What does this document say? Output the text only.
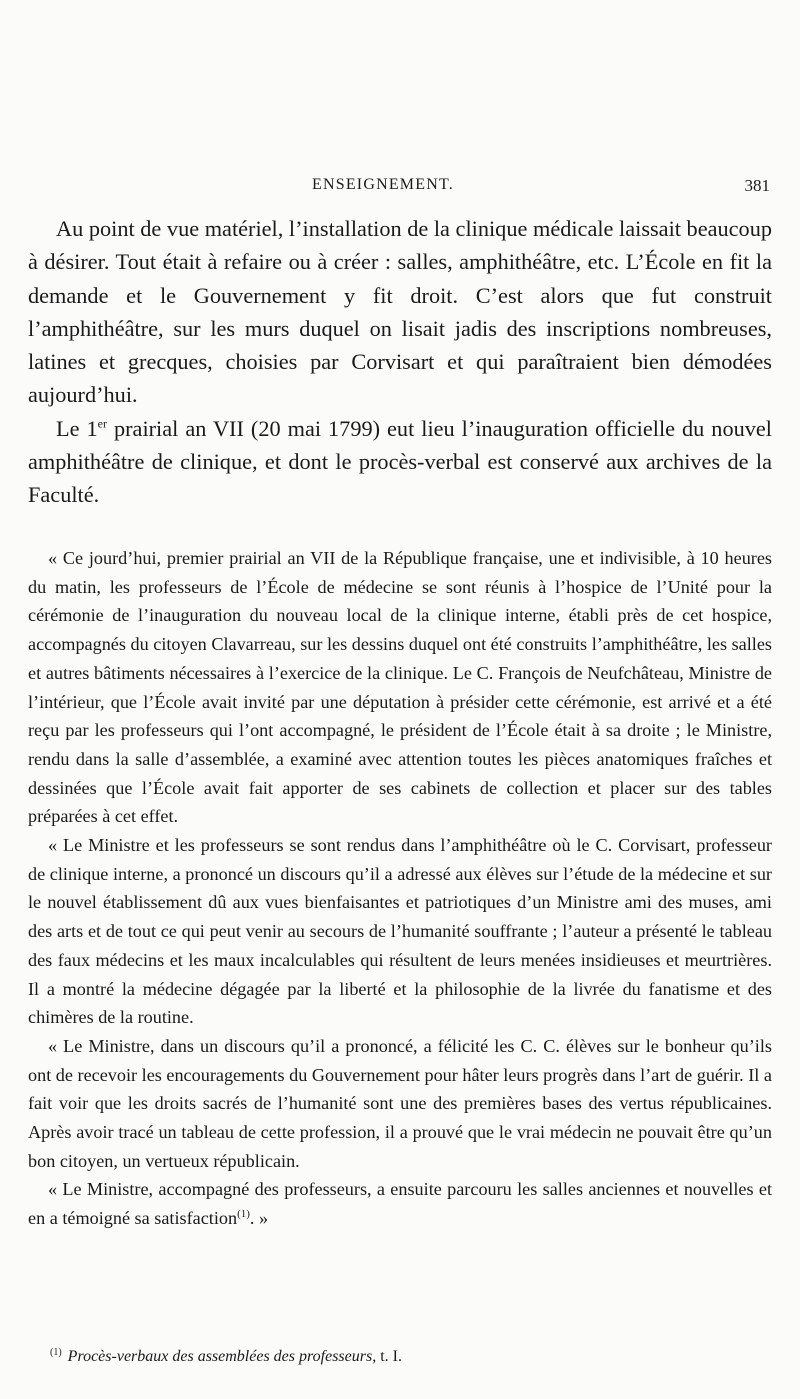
ENSEIGNEMENT.	381

Au point de vue matériel, l’installation de la clinique médicale laissait beaucoup à désirer. Tout était à refaire ou à créer : salles, amphithéâtre, etc. L’École en fit la demande et le Gouvernement y fit droit. C’est alors que fut construit l’amphithéâtre, sur les murs duquel on lisait jadis des inscriptions nombreuses, latines et grecques, choisies par Corvisart et qui paraîtraient bien démodées aujourd’hui.

Le 1er prairial an VII (20 mai 1799) eut lieu l’inauguration officielle du nouvel amphithéâtre de clinique, et dont le procès-verbal est conservé aux archives de la Faculté.

« Ce jourd’hui, premier prairial an VII de la République française, une et indivisible, à 10 heures du matin, les professeurs de l’École de médecine se sont réunis à l’hospice de l’Unité pour la cérémonie de l’inauguration du nouveau local de la clinique interne, établi près de cet hospice, accompagnés du citoyen Clavarreau, sur les dessins duquel ont été construits l’amphithéâtre, les salles et autres bâtiments nécessaires à l’exercice de la clinique. Le C. François de Neufchâteau, Ministre de l’intérieur, que l’École avait invité par une députation à présider cette cérémonie, est arrivé et a été reçu par les professeurs qui l’ont accompagné, le président de l’École était à sa droite ; le Ministre, rendu dans la salle d’assemblée, a examiné avec attention toutes les pièces anatomiques fraîches et dessinées que l’École avait fait apporter de ses cabinets de collection et placer sur des tables préparées à cet effet.

« Le Ministre et les professeurs se sont rendus dans l’amphithéâtre où le C. Corvisart, professeur de clinique interne, a prononcé un discours qu’il a adressé aux élèves sur l’étude de la médecine et sur le nouvel établissement dû aux vues bienfaisantes et patriotiques d’un Ministre ami des muses, ami des arts et de tout ce qui peut venir au secours de l’humanité souffrante ; l’auteur a présenté le tableau des faux médecins et les maux incalculables qui résultent de leurs menées insidieuses et meurtrières. Il a montré la médecine dégagée par la liberté et la philosophie de la livrée du fanatisme et des chimères de la routine.

« Le Ministre, dans un discours qu’il a prononcé, a félicité les C. C. élèves sur le bonheur qu’ils ont de recevoir les encouragements du Gouvernement pour hâter leurs progrès dans l’art de guérir. Il a fait voir que les droits sacrés de l’humanité sont une des premières bases des vertus républicaines. Après avoir tracé un tableau de cette profession, il a prouvé que le vrai médecin ne pouvait être qu’un bon citoyen, un vertueux républicain.

« Le Ministre, accompagné des professeurs, a ensuite parcouru les salles anciennes et nouvelles et en a témoigné sa satisfaction$^{(1)}$. »

$^{(1)}$ Procès-verbaux des assemblées des professeurs, t. I.
